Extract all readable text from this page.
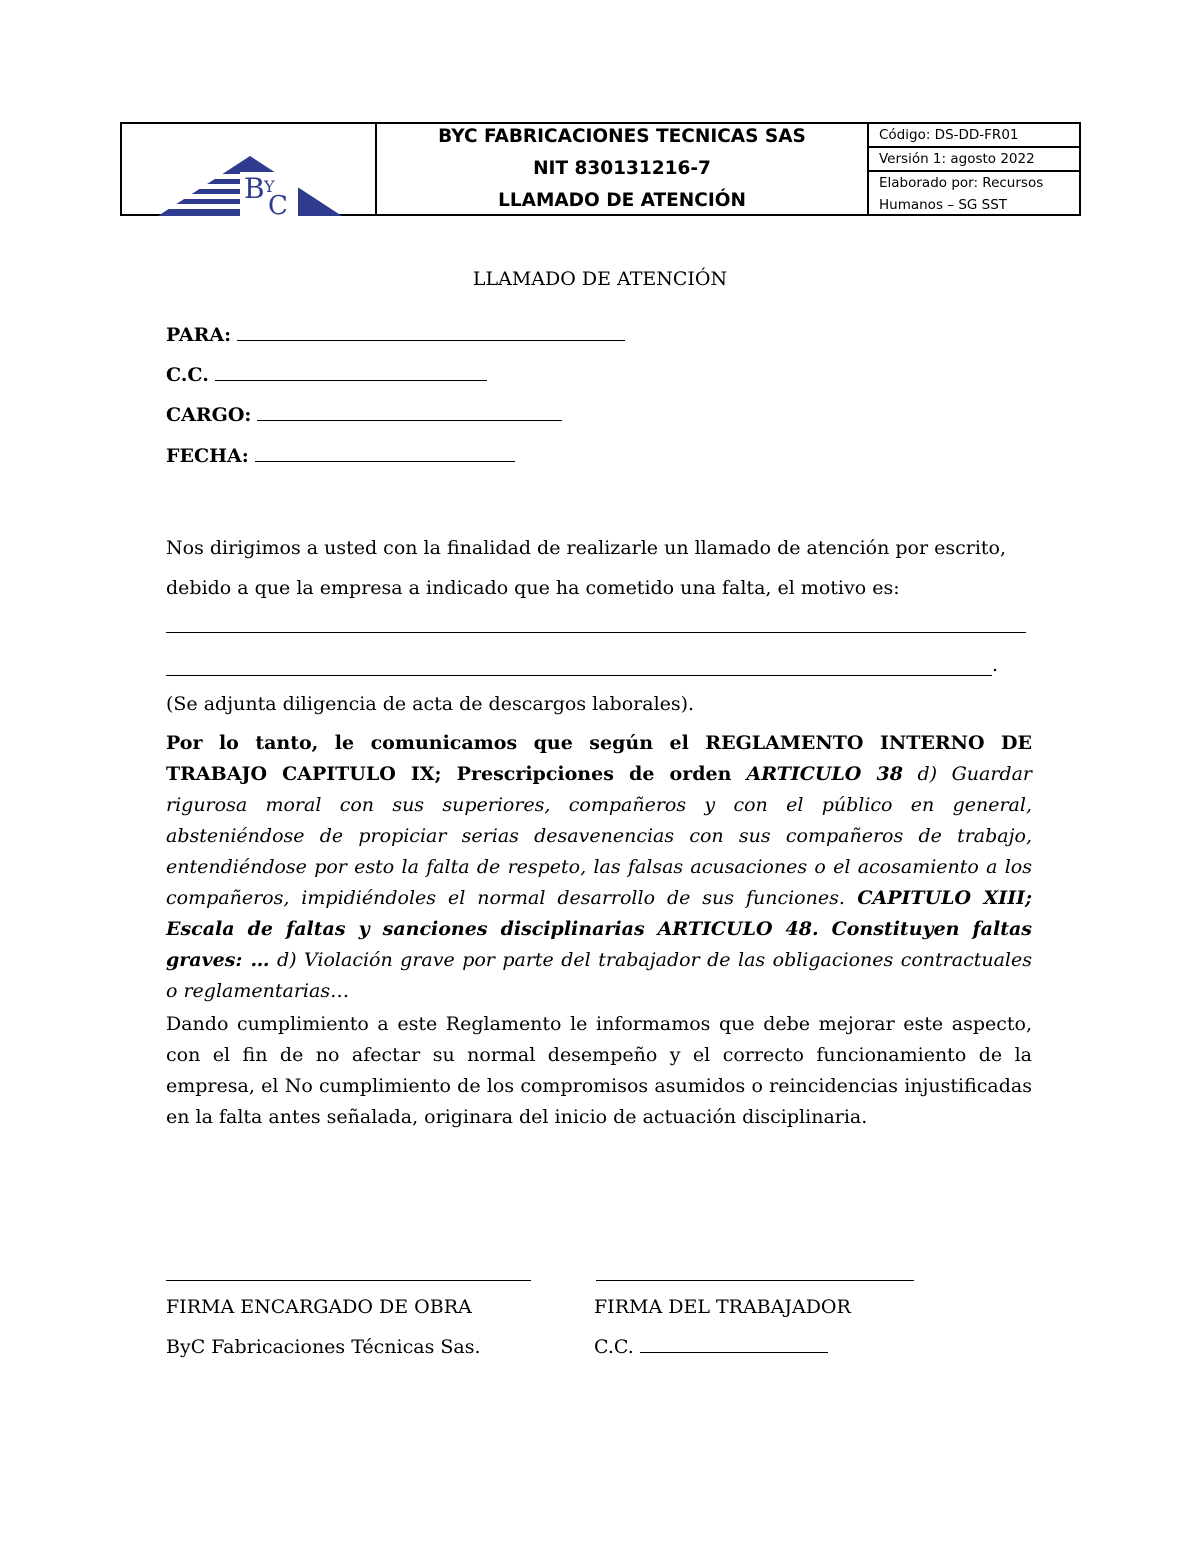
B Y
C
BYC FABRICACIONES TECNICAS SAS
NIT 830131216-7
LLAMADO DE ATENCIÓN
Código: DS-DD-FR01
Versión 1: agosto 2022
Elaborado por: Recursos
Humanos – SG SST
LLAMADO DE ATENCIÓN
PARA:
C.C.
CARGO:
FECHA:
Nos dirigimos a usted con la finalidad de realizarle un llamado de atención por escrito,
debido a que la empresa a indicado que ha cometido una falta, el motivo es:
.
(Se adjunta diligencia de acta de descargos laborales).
Por lo tanto, le comunicamos que según el REGLAMENTO INTERNO DE TRABAJO CAPITULO IX; Prescripciones de orden ARTICULO 38 d) Guardar rigurosa moral con sus superiores, compañeros y con el público en general, absteniéndose de propiciar serias desavenencias con sus compañeros de trabajo, entendiéndose por esto la falta de respeto, las falsas acusaciones o el acosamiento a los compañeros, impidiéndoles el normal desarrollo de sus funciones. CAPITULO XIII; Escala de faltas y sanciones disciplinarias ARTICULO 48. Constituyen faltas graves: … d) Violación grave por parte del trabajador de las obligaciones contractuales o reglamentarias…
Dando cumplimiento a este Reglamento le informamos que debe mejorar este aspecto, con el fin de no afectar su normal desempeño y el correcto funcionamiento de la empresa, el No cumplimiento de los compromisos asumidos o reincidencias injustificadas en la falta antes señalada, originara del inicio de actuación disciplinaria.
FIRMA ENCARGADO DE OBRA	FIRMA DEL TRABAJADOR
ByC Fabricaciones Técnicas Sas.	C.C.
